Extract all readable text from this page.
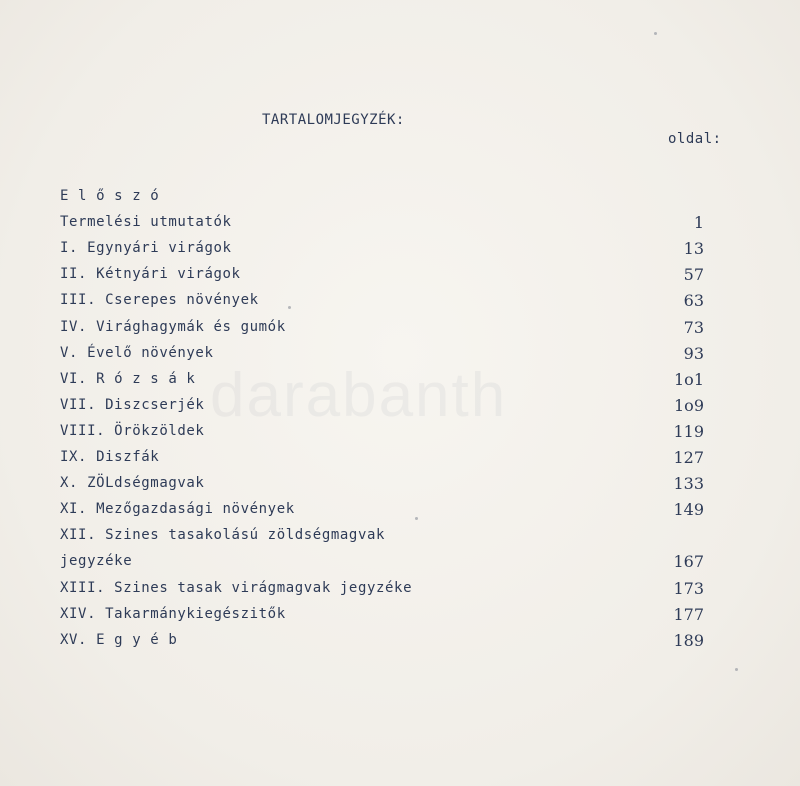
darabanth
TARTALOMJEGYZÉK:
oldal:
E l ő s z ó
Termelési utmutatók	1
I. Egynyári virágok	13
II. Kétnyári virágok	57
III. Cserepes növények	63
IV. Virághagymák és gumók	73
V. Évelő növények	93
VI. R ó z s á k	1o1
VII. Diszcserjék	1o9
VIII. Örökzöldek	119
IX. Diszfák	127
X. ZÖLdségmagvak	133
XI. Mezőgazdasági növények	149
XII. Szines tasakolású zöldségmagvak
jegyzéke	167
XIII. Szines tasak virágmagvak jegyzéke	173
XIV. Takarmánykiegészitők	177
XV. E g y é b	189
